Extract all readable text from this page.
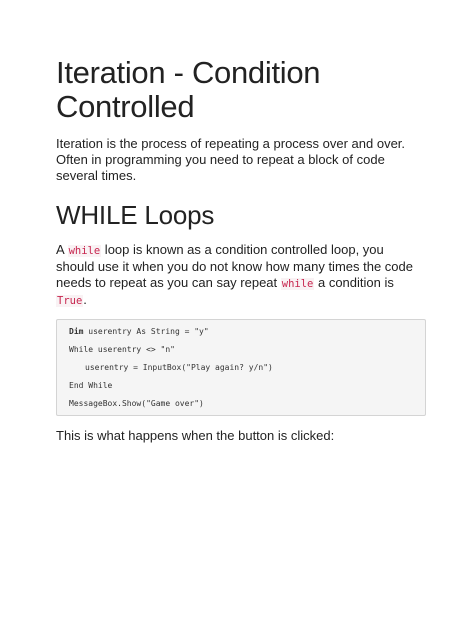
Iteration - Condition
Controlled

Iteration is the process of repeating a process over and over. Often in programming you need to repeat a block of code several times.

WHILE Loops

A while loop is known as a condition controlled loop, you should use it when you do not know how many times the code needs to repeat as you can say repeat while a condition is True.

Dim userentry As String = "y"
While userentry <> "n"
userentry = InputBox("Play again? y/n")
End While
MessageBox.Show("Game over")

This is what happens when the button is clicked:
